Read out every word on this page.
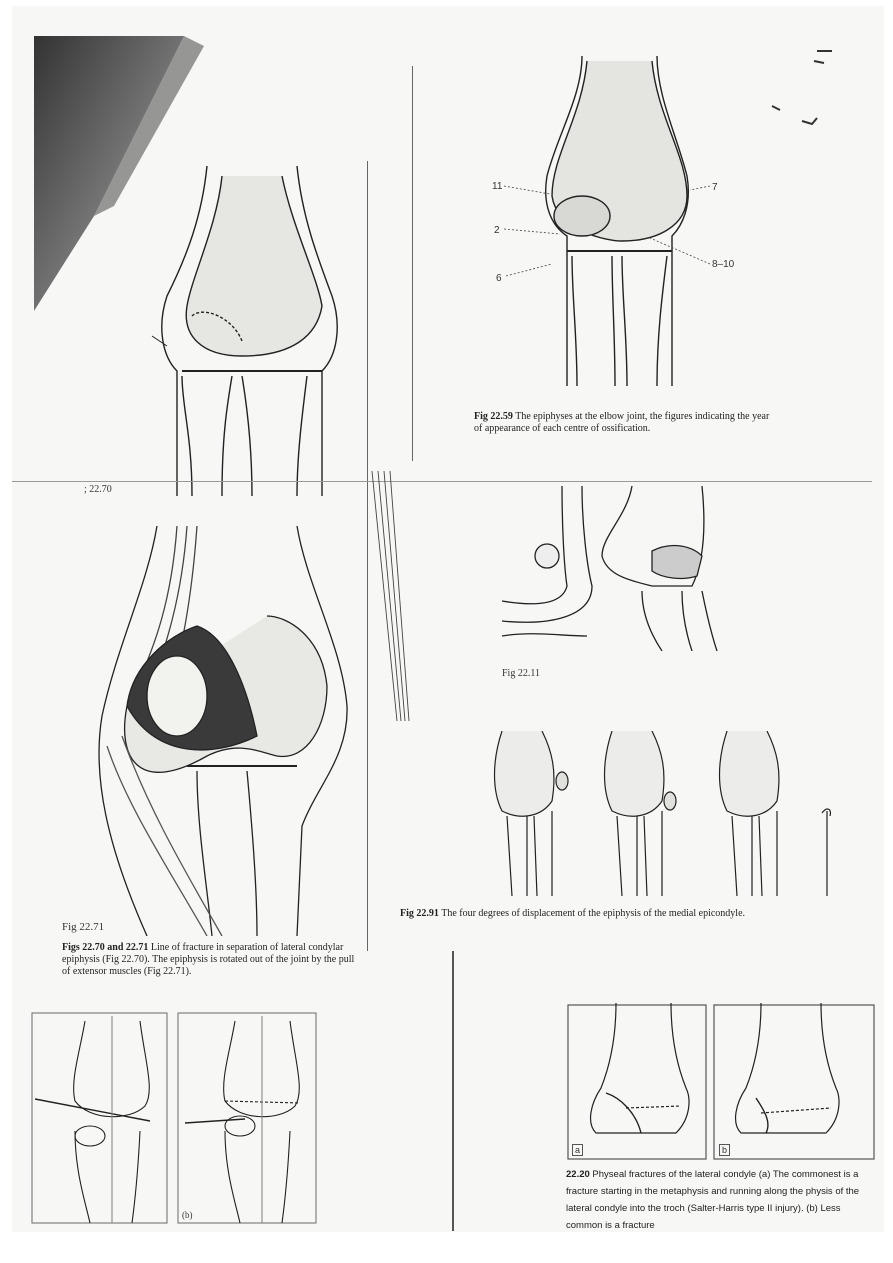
; 22.70
11
2
6
7
8–10
Fig 22.59 The epiphyses at the elbow joint, the figures indicating the year of appearance of each centre of ossification.
Fig 22.71
Figs 22.70 and 22.71 Line of fracture in separation of lateral condylar epiphysis (Fig 22.70). The epiphysis is rotated out of the joint by the pull of extensor muscles (Fig 22.71).
Fig 22.11
Fig 22.91 The four degrees of displacement of the epiphysis of the medial epicondyle.
(b)
a	b
22.20 Physeal fractures of the lateral condyle (a) The commonest is a fracture starting in the metaphysis and running along the physis of the lateral condyle into the troch (Salter-Harris type II injury). (b) Less common is a fracture
